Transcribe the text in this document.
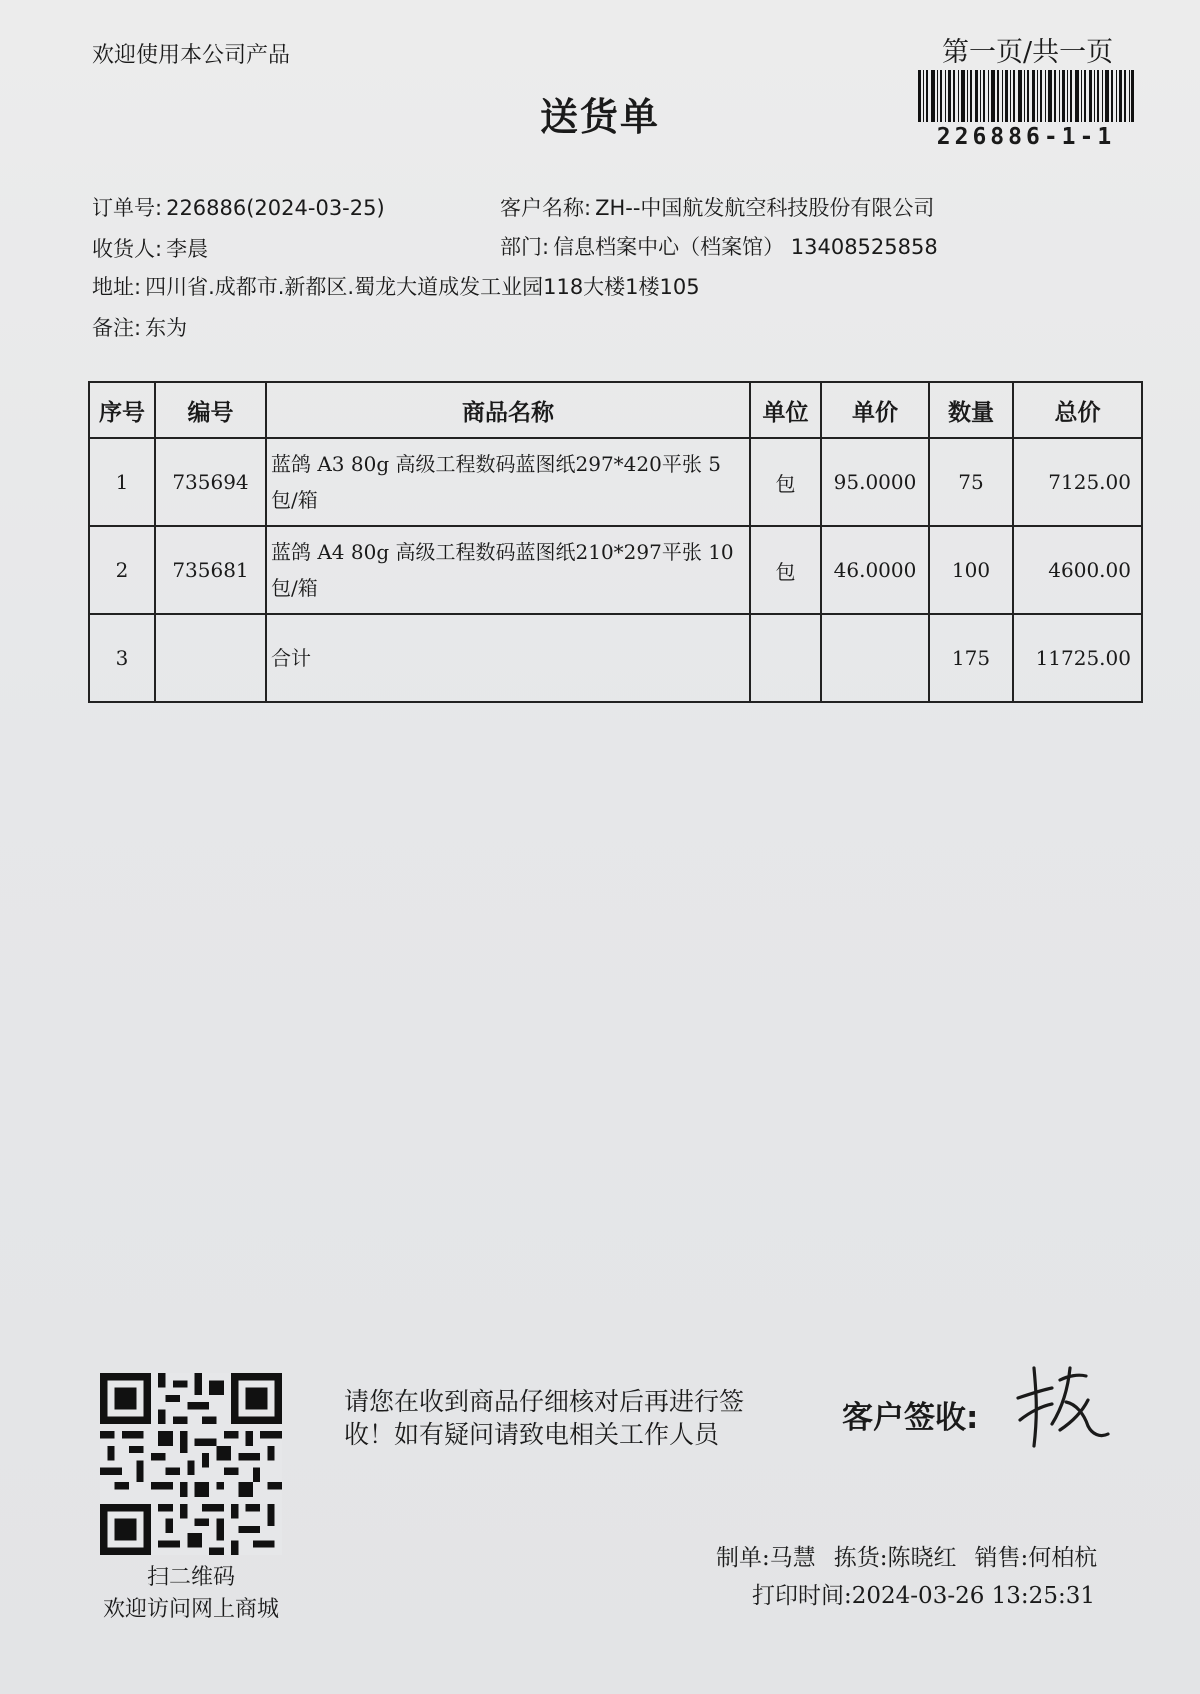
欢迎使用本公司产品	第一页/共一页
送货单	226886-1-1
订单号: 226886(2024-03-25)	客户名称: ZH--中国航发航空科技股份有限公司
收货人: 李晨	部门: 信息档案中心（档案馆） 13408525858
地址: 四川省.成都市.新都区.蜀龙大道成发工业园118大楼1楼105
备注: 东为
序号	编号	商品名称	单位	单价	数量	总价
1	735694	蓝鸽 A3 80g 高级工程数码蓝图纸297*420平张 5包/箱	包	95.0000	75	7125.00
2	735681	蓝鸽 A4 80g 高级工程数码蓝图纸210*297平张 10包/箱	包	46.0000	100	4600.00
3		合计			175	11725.00
扫二维码
欢迎访问网上商城
请您在收到商品仔细核对后再进行签收！如有疑问请致电相关工作人员	客户签收:
制单:马慧 拣货:陈晓红 销售:何柏杭
打印时间:2024-03-26 13:25:31
